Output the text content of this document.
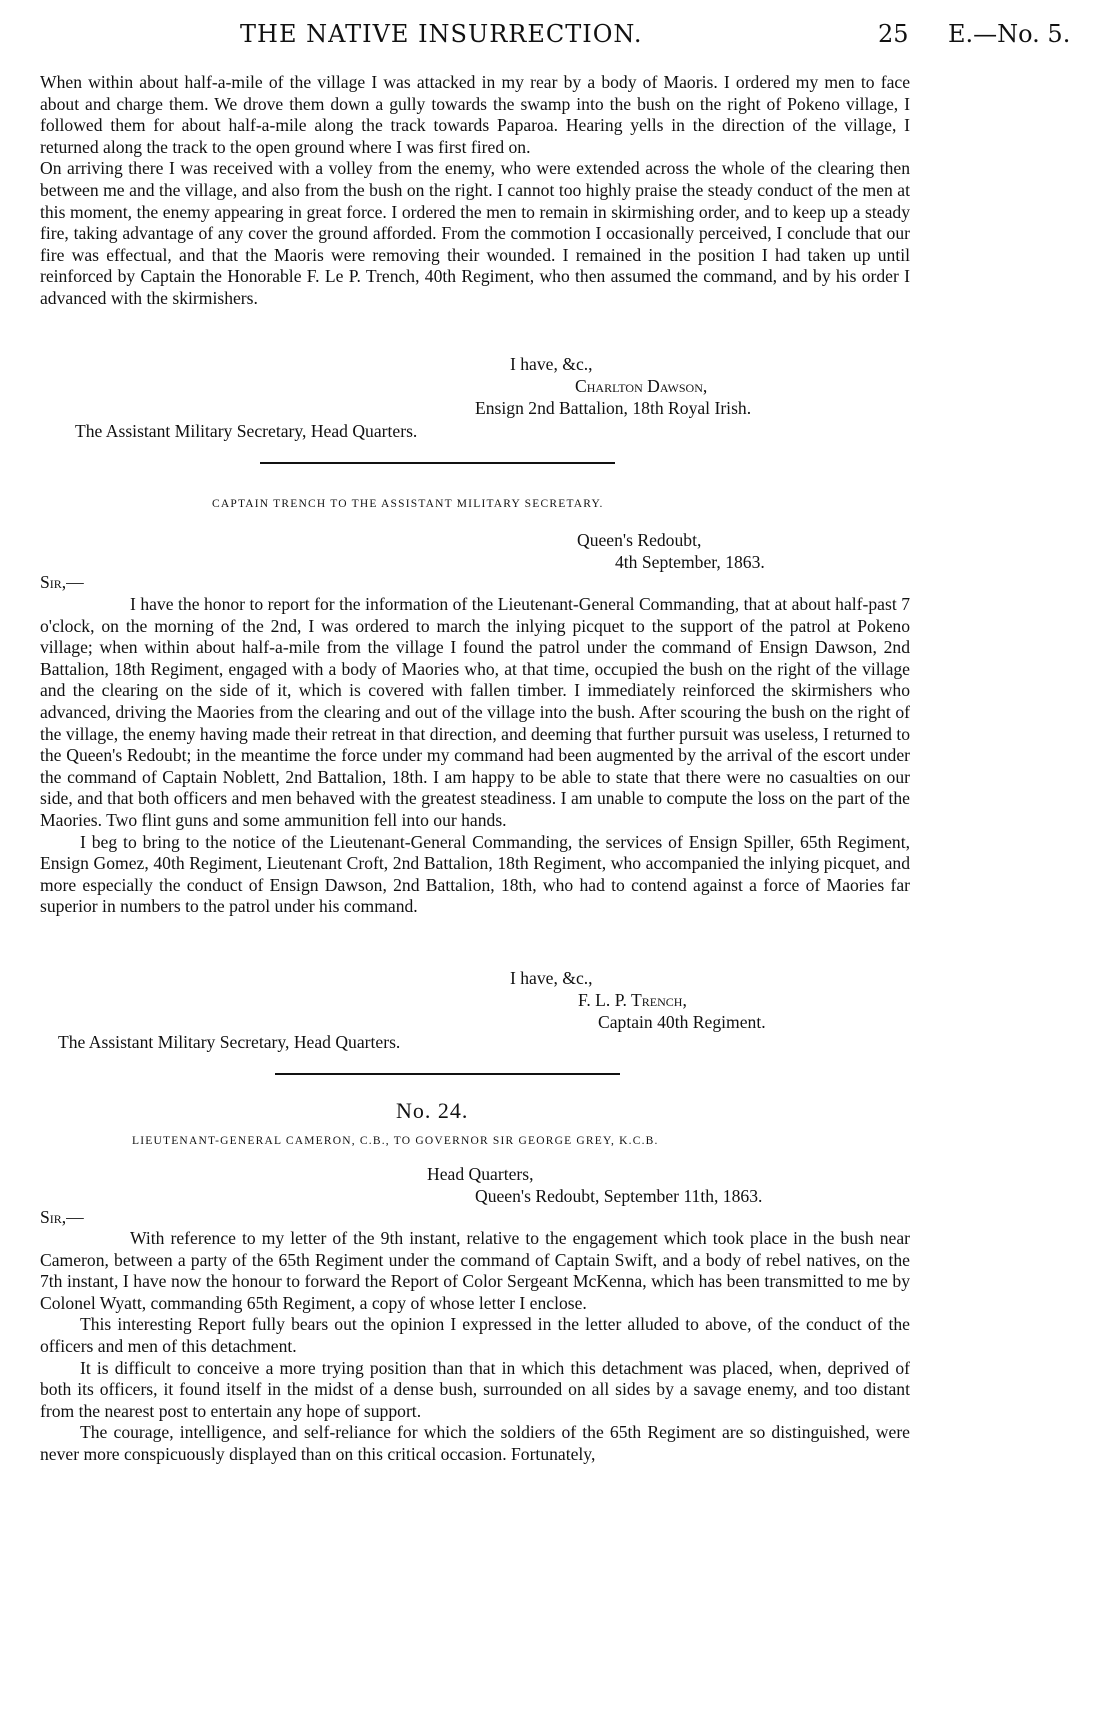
THE NATIVE INSURRECTION.	25 E.—No. 5.

When within about half-a-mile of the village I was attacked in my rear by a body of Maoris. I ordered my men to face about and charge them. We drove them down a gully towards the swamp into the bush on the right of Pokeno village, I followed them for about half-a-mile along the track towards Paparoa. Hearing yells in the direction of the village, I returned along the track to the open ground where I was first fired on.

On arriving there I was received with a volley from the enemy, who were extended across the whole of the clearing then between me and the village, and also from the bush on the right. I cannot too highly praise the steady conduct of the men at this moment, the enemy appearing in great force. I ordered the men to remain in skirmishing order, and to keep up a steady fire, taking advantage of any cover the ground afforded. From the commotion I occasionally perceived, I conclude that our fire was effectual, and that the Maoris were removing their wounded. I remained in the position I had taken up until reinforced by Captain the Honorable F. Le P. Trench, 40th Regiment, who then assumed the command, and by his order I advanced with the skirmishers.

I have, &c.,
Charlton Dawson,
Ensign 2nd Battalion, 18th Royal Irish.
The Assistant Military Secretary, Head Quarters.
CAPTAIN TRENCH TO THE ASSISTANT MILITARY SECRETARY.
Queen's Redoubt,
4th September, 1863.
Sir,—

I have the honor to report for the information of the Lieutenant-General Commanding, that at about half-past 7 o'clock, on the morning of the 2nd, I was ordered to march the inlying picquet to the support of the patrol at Pokeno village; when within about half-a-mile from the village I found the patrol under the command of Ensign Dawson, 2nd Battalion, 18th Regiment, engaged with a body of Maories who, at that time, occupied the bush on the right of the village and the clearing on the side of it, which is covered with fallen timber. I immediately reinforced the skirmishers who advanced, driving the Maories from the clearing and out of the village into the bush. After scouring the bush on the right of the village, the enemy having made their retreat in that direction, and deeming that further pursuit was useless, I returned to the Queen's Redoubt; in the meantime the force under my command had been augmented by the arrival of the escort under the command of Captain Noblett, 2nd Battalion, 18th. I am happy to be able to state that there were no casualties on our side, and that both officers and men behaved with the greatest steadiness. I am unable to compute the loss on the part of the Maories. Two flint guns and some ammunition fell into our hands.

I beg to bring to the notice of the Lieutenant-General Commanding, the services of Ensign Spiller, 65th Regiment, Ensign Gomez, 40th Regiment, Lieutenant Croft, 2nd Battalion, 18th Regiment, who accompanied the inlying picquet, and more especially the conduct of Ensign Dawson, 2nd Battalion, 18th, who had to contend against a force of Maories far superior in numbers to the patrol under his command.

I have, &c.,
F. L. P. Trench,
Captain 40th Regiment.
The Assistant Military Secretary, Head Quarters.
No. 24.
LIEUTENANT-GENERAL CAMERON, C.B., TO GOVERNOR SIR GEORGE GREY, K.C.B.
Head Quarters,
Queen's Redoubt, September 11th, 1863.
Sir,—

With reference to my letter of the 9th instant, relative to the engagement which took place in the bush near Cameron, between a party of the 65th Regiment under the command of Captain Swift, and a body of rebel natives, on the 7th instant, I have now the honour to forward the Report of Color Sergeant McKenna, which has been transmitted to me by Colonel Wyatt, commanding 65th Regiment, a copy of whose letter I enclose.

This interesting Report fully bears out the opinion I expressed in the letter alluded to above, of the conduct of the officers and men of this detachment.

It is difficult to conceive a more trying position than that in which this detachment was placed, when, deprived of both its officers, it found itself in the midst of a dense bush, surrounded on all sides by a savage enemy, and too distant from the nearest post to entertain any hope of support.

The courage, intelligence, and self-reliance for which the soldiers of the 65th Regiment are so distinguished, were never more conspicuously displayed than on this critical occasion. Fortunately,
